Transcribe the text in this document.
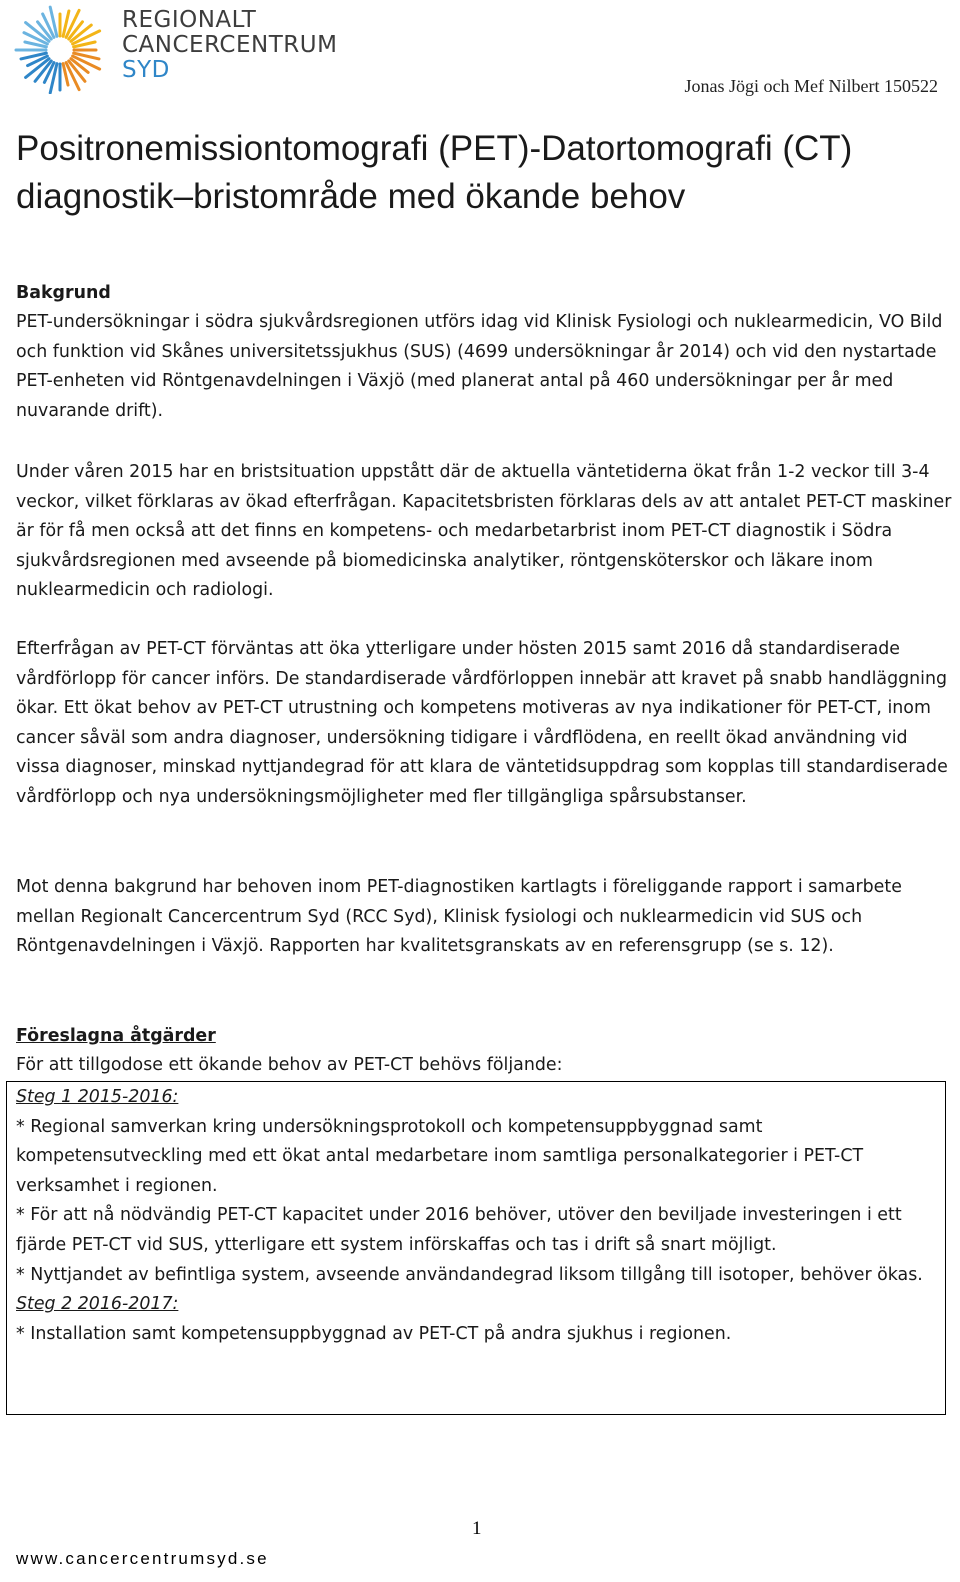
REGIONALT
CANCERCENTRUM
SYD
Jonas Jögi och Mef Nilbert 150522
Positronemissiontomografi (PET)-Datortomografi (CT)
diagnostik–bristområde med ökande behov

Bakgrund

PET-undersökningar i södra sjukvårdsregionen utförs idag vid Klinisk Fysiologi och nuklearmedicin, VO Bild och funktion vid Skånes universitetssjukhus (SUS) (4699 undersökningar år 2014) och vid den nystartade PET-enheten vid Röntgenavdelningen i Växjö (med planerat antal på 460 undersökningar per år med nuvarande drift).

Under våren 2015 har en bristsituation uppstått där de aktuella väntetiderna ökat från 1-2 veckor till 3-4 veckor, vilket förklaras av ökad efterfrågan. Kapacitetsbristen förklaras dels av att antalet PET-CT maskiner är för få men också att det finns en kompetens- och medarbetarbrist inom PET-CT diagnostik i Södra sjukvårdsregionen med avseende på biomedicinska analytiker, röntgensköterskor och läkare inom nuklearmedicin och radiologi.

Efterfrågan av PET-CT förväntas att öka ytterligare under hösten 2015 samt 2016 då standardiserade vårdförlopp för cancer införs. De standardiserade vårdförloppen innebär att kravet på snabb handläggning ökar. Ett ökat behov av PET-CT utrustning och kompetens motiveras av nya indikationer för PET-CT, inom cancer såväl som andra diagnoser, undersökning tidigare i vårdflödena, en reellt ökad användning vid vissa diagnoser, minskad nyttjandegrad för att klara de väntetidsuppdrag som kopplas till standardiserade vårdförlopp och nya undersökningsmöjligheter med fler tillgängliga spårsubstanser.

Mot denna bakgrund har behoven inom PET-diagnostiken kartlagts i föreliggande rapport i samarbete mellan Regionalt Cancercentrum Syd (RCC Syd), Klinisk fysiologi och nuklearmedicin vid SUS och Röntgenavdelningen i Växjö. Rapporten har kvalitetsgranskats av en referensgrupp (se s. 12).

Föreslagna åtgärder

För att tillgodose ett ökande behov av PET-CT behövs följande:

Steg 1 2015-2016:

* Regional samverkan kring undersökningsprotokoll och kompetensuppbyggnad samt kompetensutveckling med ett ökat antal medarbetare inom samtliga personalkategorier i PET-CT verksamhet i regionen.

* För att nå nödvändig PET-CT kapacitet under 2016 behöver, utöver den beviljade investeringen i ett fjärde PET-CT vid SUS, ytterligare ett system införskaffas och tas i drift så snart möjligt.

* Nyttjandet av befintliga system, avseende användandegrad liksom tillgång till isotoper, behöver ökas.

Steg 2 2016-2017:

* Installation samt kompetensuppbyggnad av PET-CT på andra sjukhus i regionen.

1
www.cancercentrumsyd.se
